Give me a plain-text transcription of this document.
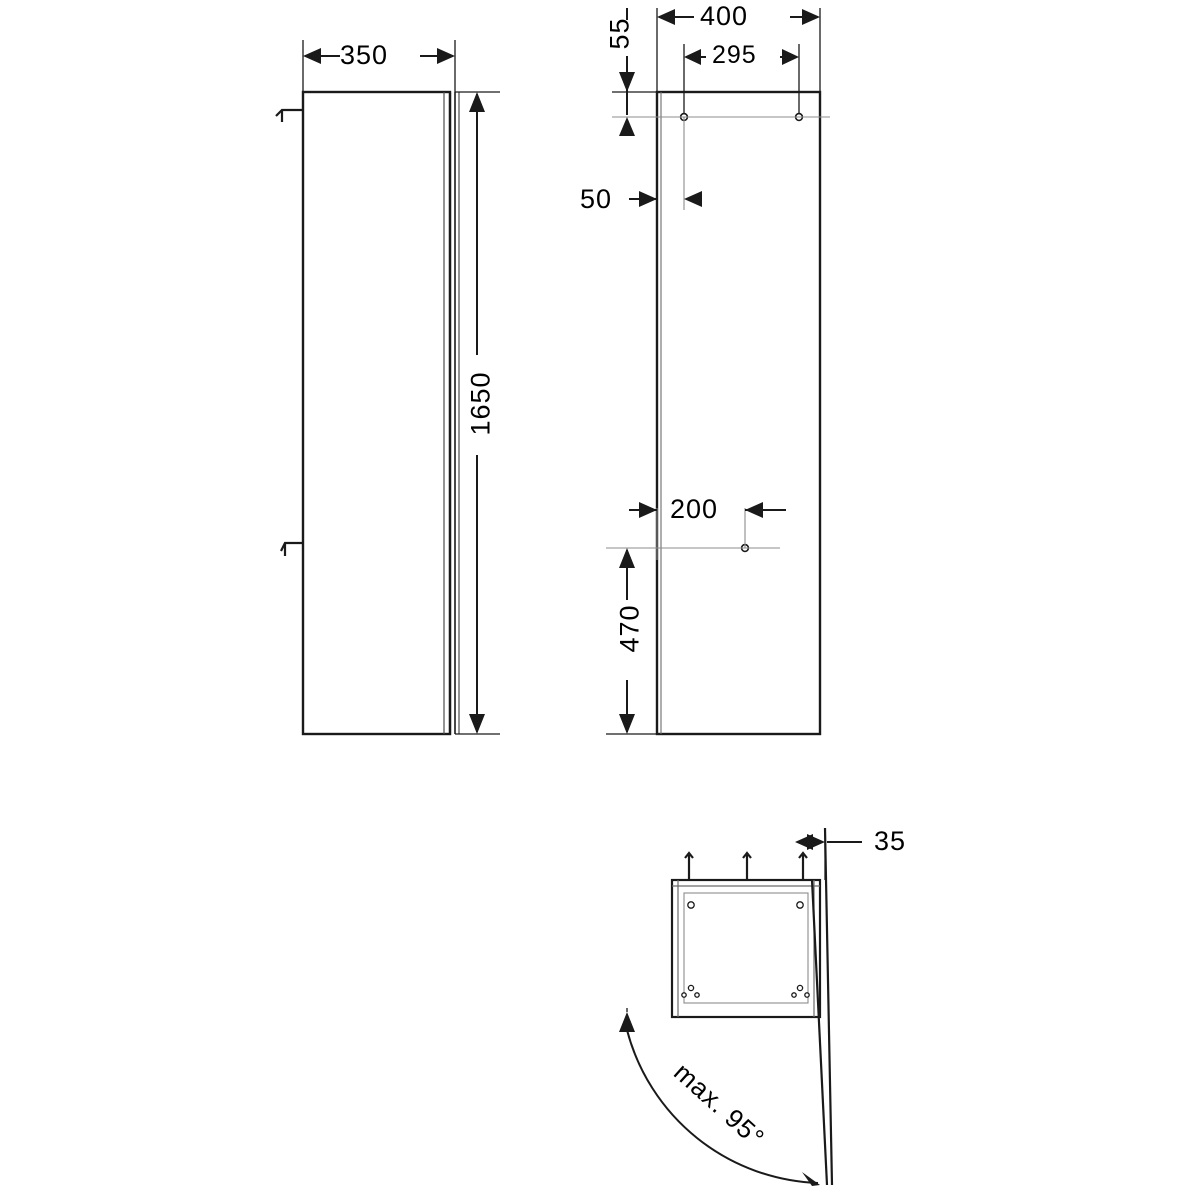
350
1650
400
295
55
50
200
470
35
max. 95°
